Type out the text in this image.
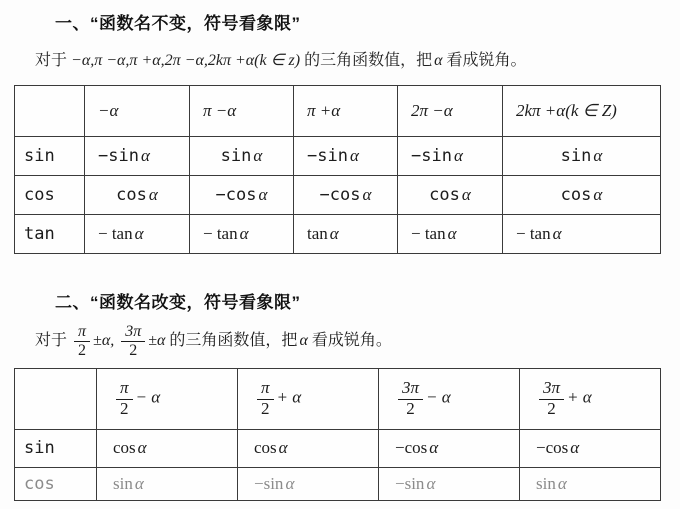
一、“函数名不变，符号看象限”
对于 −α,π −α,π +α,2π −α,2kπ +α(k ∈ z) 的三角函数值，把 α 看成锐角。
	−α	π −α	π +α	2π −α	2kπ +α(k ∈ Z)
sin	−sin α	sin α	−sin α	−sin α	sin α
cos	cos α	−cos α	−cos α	cos α	cos α
tan	− tan α	− tan α	tan α	− tan α	− tan α
二、“函数名改变，符号看象限”
对于 $\frac{\pi}{2} \pm\alpha$, $\frac{3\pi}{2} \pm\alpha$ 的三角函数值，把 α 看成锐角。

	$\frac{\pi}{2} - \alpha$	$\frac{\pi}{2} + \alpha$	$\frac{3\pi}{2} - \alpha$	$\frac{3\pi}{2} + \alpha$
sin	cos α	cos α	−cos α	−cos α
cos	sin α	−sin α	−sin α	sin α
